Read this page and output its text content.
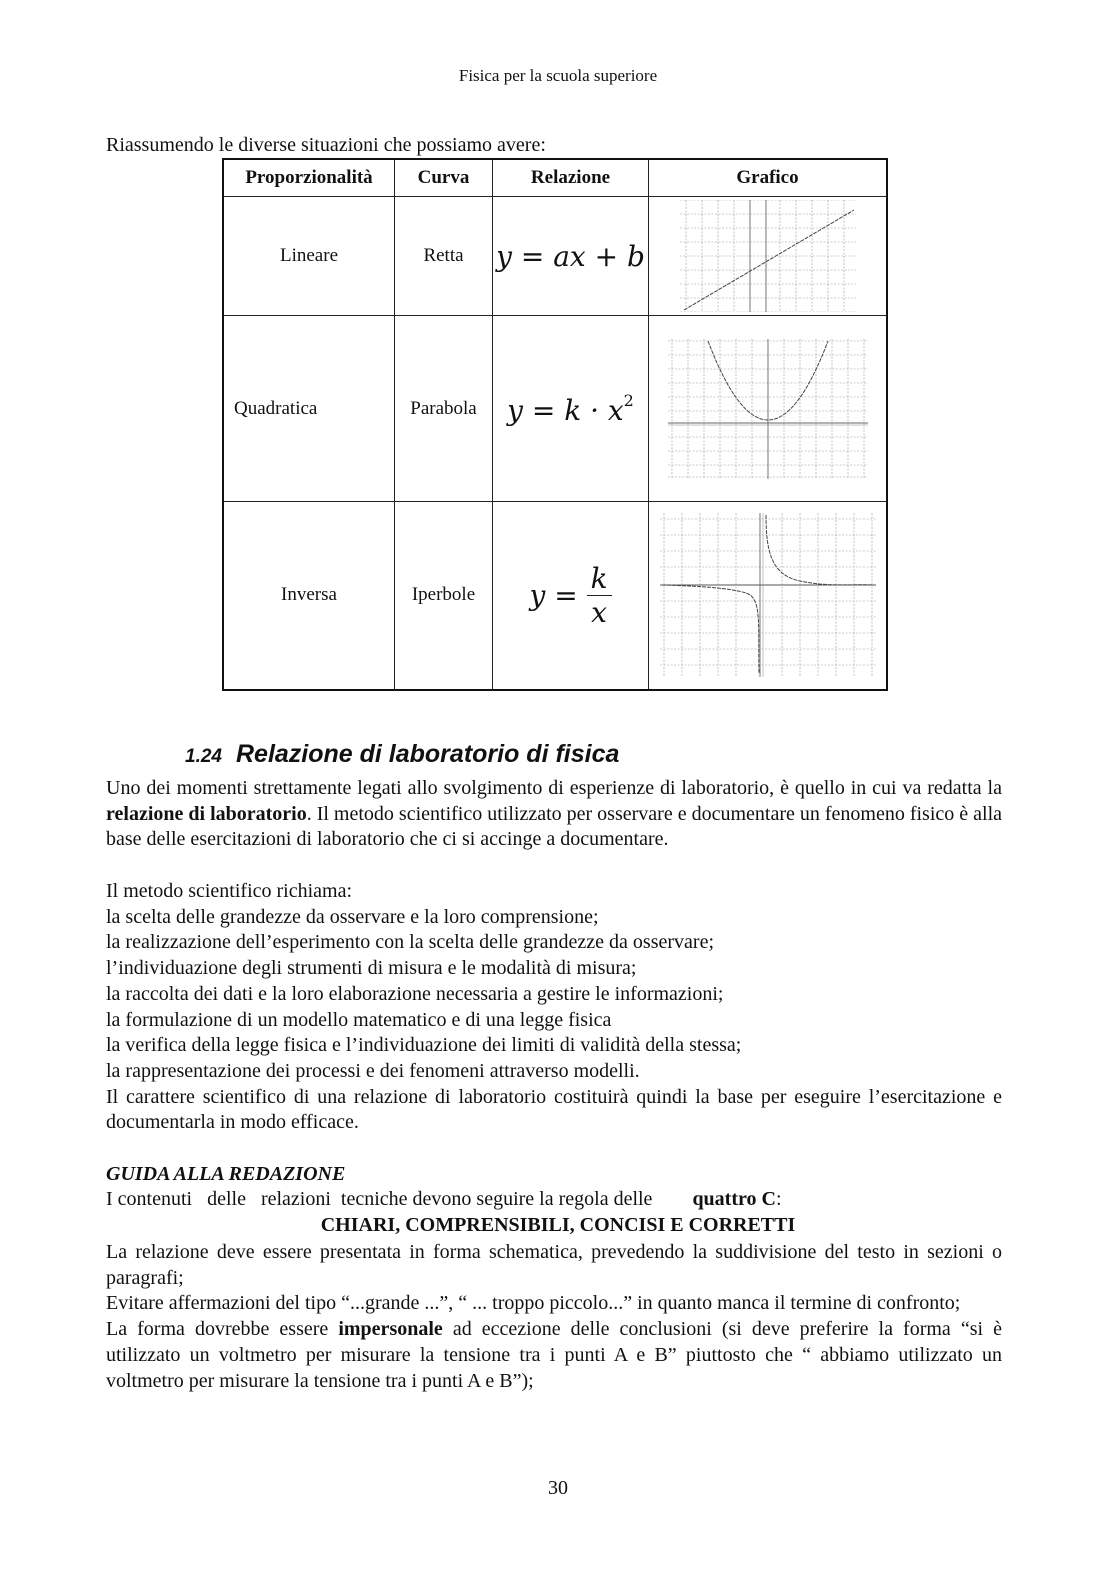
Fisica per la scuola superiore
Riassumendo le diverse situazioni che possiamo avere:
Proporzionalità	Curva	Relazione	Grafico
Lineare	Retta	y = ax + b	

Quadratica	Parabola	$y = k \cdot x^2$	

Inversa	Iperbole	$y = \frac{k}{x}$

1.24 Relazione di laboratorio di fisica

Uno dei momenti strettamente legati allo svolgimento di esperienze di laboratorio, è quello in cui va redatta la relazione di laboratorio. Il metodo scientifico utilizzato per osservare e documentare un fenomeno fisico è alla base delle esercitazioni di laboratorio che ci si accinge a documentare.

Il metodo scientifico richiama:

la scelta delle grandezze da osservare e la loro comprensione;

la realizzazione dell’esperimento con la scelta delle grandezze da osservare;

l’individuazione degli strumenti di misura e le modalità di misura;

la raccolta dei dati e la loro elaborazione necessaria a gestire le informazioni;

la formulazione di un modello matematico e di una legge fisica

la verifica della legge fisica e l’individuazione dei limiti di validità della stessa;

la rappresentazione dei processi e dei fenomeni attraverso modelli.

Il carattere scientifico di una relazione di laboratorio costituirà quindi la base per eseguire l’esercitazione e documentarla in modo efficace.

GUIDA ALLA REDAZIONE
I contenuti   delle   relazioni  tecniche devono seguire la regola delle        quattro C:
CHIARI, COMPRENSIBILI, CONCISI E CORRETTI

La relazione deve essere presentata in forma schematica, prevedendo la suddivisione del testo in sezioni o paragrafi;

Evitare affermazioni del tipo “...grande ...”, “ ... troppo piccolo...” in quanto manca il termine di confronto;

La forma dovrebbe essere impersonale ad eccezione delle conclusioni (si deve preferire la forma “si è utilizzato un voltmetro per misurare la tensione tra i punti A e B” piuttosto che “ abbiamo utilizzato un voltmetro per misurare la tensione tra i punti A e B”);

30
